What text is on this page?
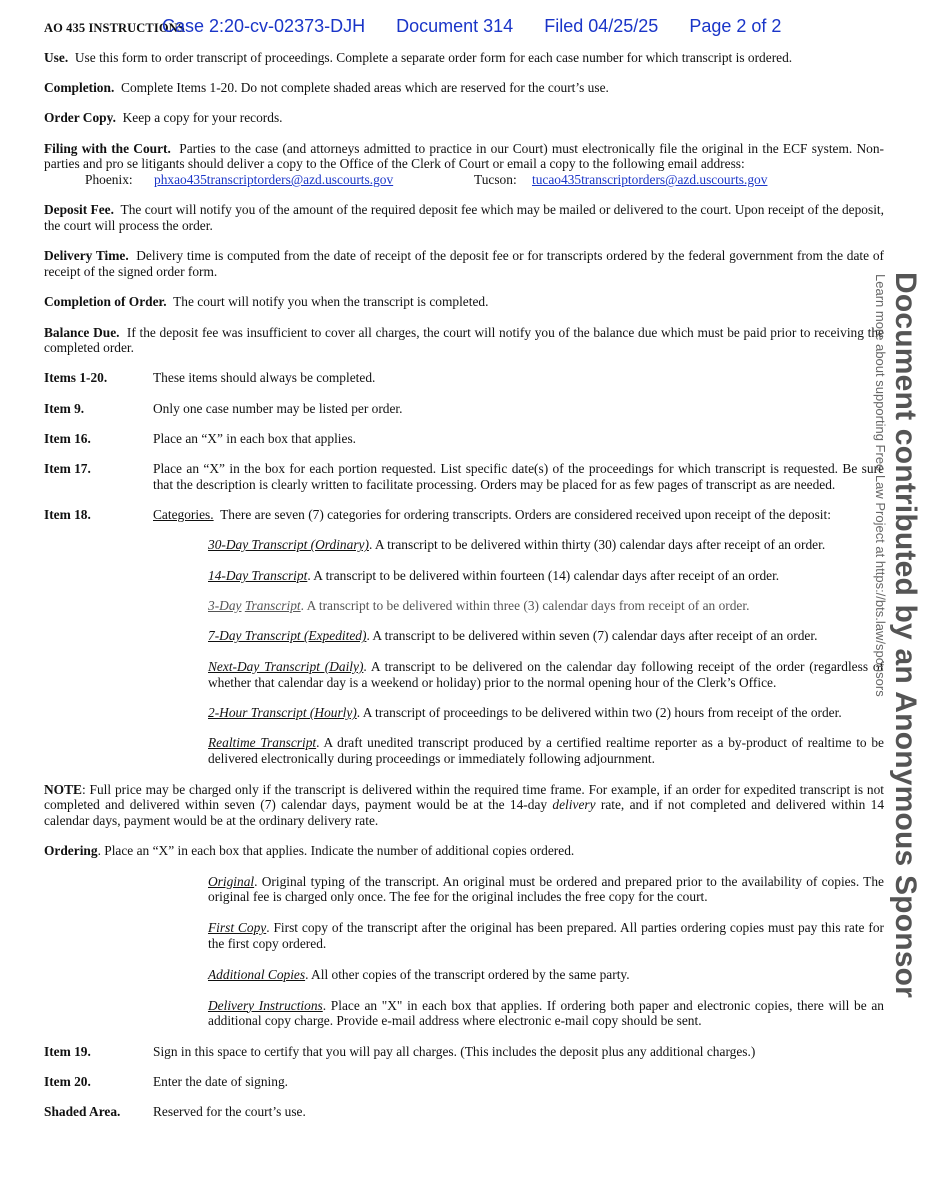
AO 435 INSTRUCTIONS
Case 2:20-cv-02373-DJH Document 314 Filed 04/25/25 Page 2 of 2

Use. Use this form to order transcript of proceedings. Complete a separate order form for each case number for which transcript is ordered.

Completion. Complete Items 1-20. Do not complete shaded areas which are reserved for the court’s use.

Order Copy. Keep a copy for your records.

Filing with the Court. Parties to the case (and attorneys admitted to practice in our Court) must electronically file the original in the ECF system. Non-parties and pro se litigants should deliver a copy to the Office of the Clerk of Court or email a copy to the following email address:
Phoenix:	phxao435transcriptorders@azd.uscourts.gov	Tucson:	tucao435transcriptorders@azd.uscourts.gov

Deposit Fee. The court will notify you of the amount of the required deposit fee which may be mailed or delivered to the court. Upon receipt of the deposit, the court will process the order.

Delivery Time. Delivery time is computed from the date of receipt of the deposit fee or for transcripts ordered by the federal government from the date of receipt of the signed order form.

Completion of Order. The court will notify you when the transcript is completed.

Balance Due. If the deposit fee was insufficient to cover all charges, the court will notify you of the balance due which must be paid prior to receiving the completed order.

Items 1-20.	These items should always be completed.
Item 9.	Only one case number may be listed per order.
Item 16.	Place an “X” in each box that applies.
Item 17.	Place an “X” in the box for each portion requested. List specific date(s) of the proceedings for which transcript is requested. Be sure that the description is clearly written to facilitate processing. Orders may be placed for as few pages of transcript as are needed.
Item 18.	Categories. There are seven (7) categories for ordering transcripts. Orders are considered received upon receipt of the deposit:

30-Day Transcript (Ordinary). A transcript to be delivered within thirty (30) calendar days after receipt of an order.

14-Day Transcript. A transcript to be delivered within fourteen (14) calendar days after receipt of an order.

3-Day Transcript. A transcript to be delivered within three (3) calendar days from receipt of an order.

7-Day Transcript (Expedited). A transcript to be delivered within seven (7) calendar days after receipt of an order.

Next-Day Transcript (Daily). A transcript to be delivered on the calendar day following receipt of the order (regardless of whether that calendar day is a weekend or holiday) prior to the normal opening hour of the Clerk’s Office.

2-Hour Transcript (Hourly). A transcript of proceedings to be delivered within two (2) hours from receipt of the order.

Realtime Transcript. A draft unedited transcript produced by a certified realtime reporter as a by-product of realtime to be delivered electronically during proceedings or immediately following adjournment.

NOTE: Full price may be charged only if the transcript is delivered within the required time frame. For example, if an order for expedited transcript is not completed and delivered within seven (7) calendar days, payment would be at the 14-day delivery rate, and if not completed and delivered within 14 calendar days, payment would be at the ordinary delivery rate.

Ordering. Place an “X” in each box that applies. Indicate the number of additional copies ordered.

Original. Original typing of the transcript. An original must be ordered and prepared prior to the availability of copies. The original fee is charged only once. The fee for the original includes the free copy for the court.

First Copy. First copy of the transcript after the original has been prepared. All parties ordering copies must pay this rate for the first copy ordered.

Additional Copies. All other copies of the transcript ordered by the same party.

Delivery Instructions. Place an "X" in each box that applies. If ordering both paper and electronic copies, there will be an additional copy charge. Provide e-mail address where electronic e-mail copy should be sent.

Item 19.	Sign in this space to certify that you will pay all charges. (This includes the deposit plus any additional charges.)
Item 20.	Enter the date of signing.
Shaded Area.	Reserved for the court’s use.
Document contributed by an Anonymous Sponsor
Learn more about supporting Free Law Project at https://bts.law/sponsors
